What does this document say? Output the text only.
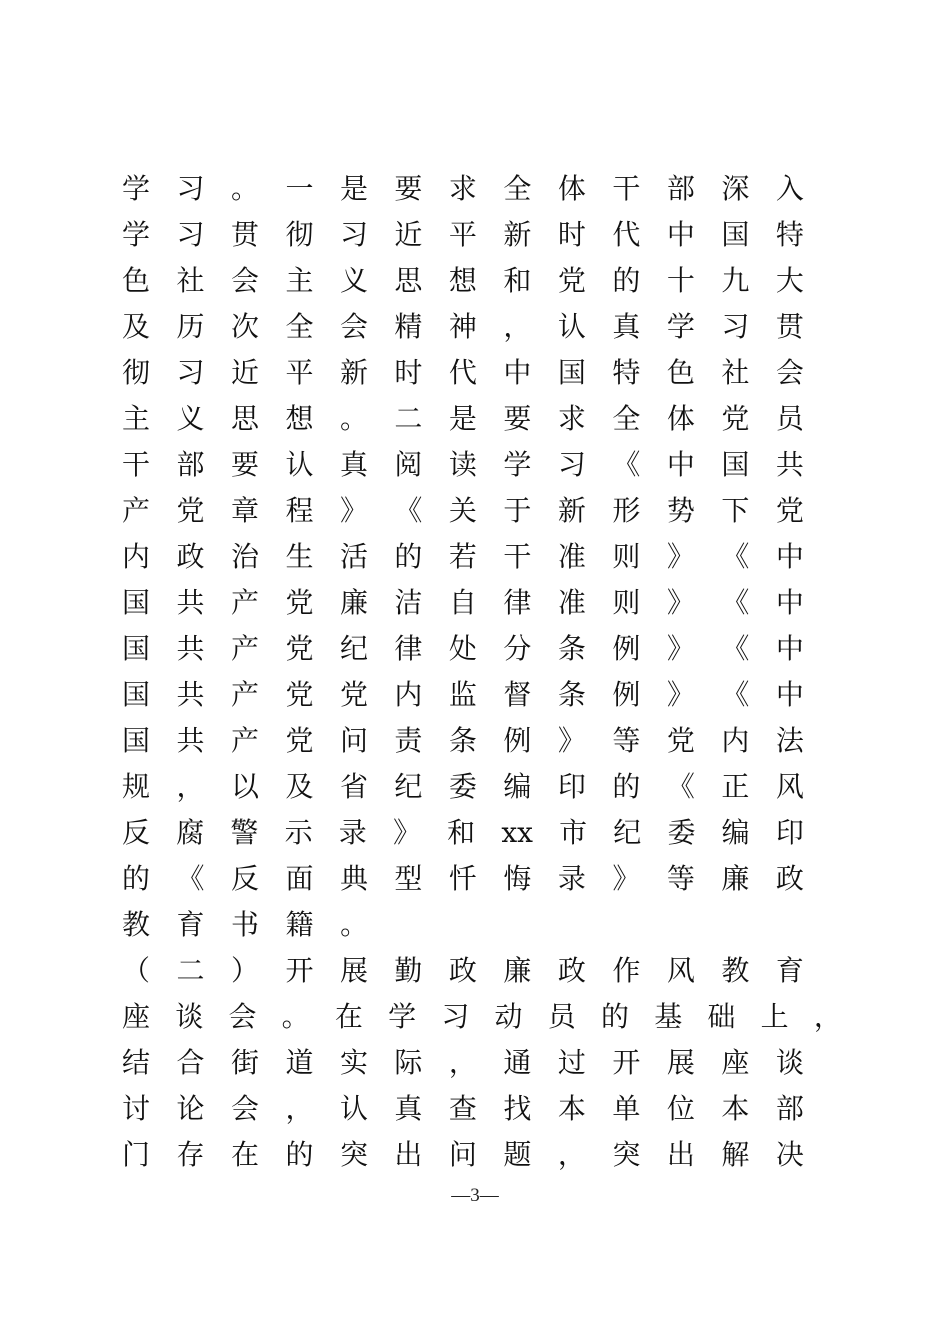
学 习 。 一 是 要 求 全 体 干 部 深 入
学 习 贯 彻 习 近 平 新 时 代 中 国 特
色 社 会 主 义 思 想 和 党 的 十 九 大
及 历 次 全 会 精 神 ， 认 真 学 习 贯
彻 习 近 平 新 时 代 中 国 特 色 社 会
主 义 思 想 。 二 是 要 求 全 体 党 员
干 部 要 认 真 阅 读 学 习 《 中 国 共
产 党 章 程 》 《 关 于 新 形 势 下 党
内 政 治 生 活 的 若 干 准 则 》 《 中
国 共 产 党 廉 洁 自 律 准 则 》 《 中
国 共 产 党 纪 律 处 分 条 例 》 《 中
国 共 产 党 党 内 监 督 条 例 》 《 中
国 共 产 党 问 责 条 例 》 等 党 内 法
规 ， 以 及 省 纪 委 编 印 的 《 正 风
反 腐 警 示 录 》 和 xx 市 纪 委 编 印
的 《 反 面 典 型 忏 悔 录 》 等 廉 政
教 育 书 籍 。
（ 二 ） 开 展 勤 政 廉 政 作 风 教 育
座 谈 会 。 在 学 习 动 员 的 基 础 上 ，
结 合 街 道 实 际 ， 通 过 开 展 座 谈
讨 论 会 ， 认 真 查 找 本 单 位 本 部
门 存 在 的 突 出 问 题 ， 突 出 解 决
—3—
